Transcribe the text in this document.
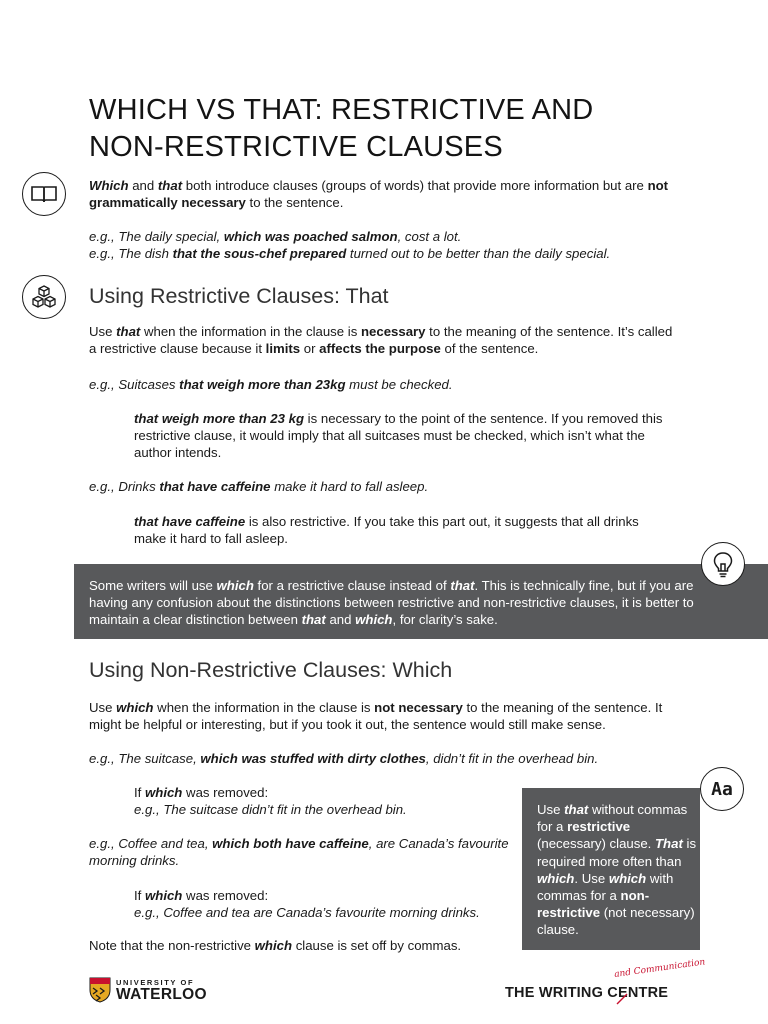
WHICH VS THAT: RESTRICTIVE AND
NON-RESTRICTIVE CLAUSES
Which and that both introduce clauses (groups of words) that provide more information but are not grammatically necessary to the sentence.
e.g., The daily special, which was poached salmon, cost a lot.
e.g., The dish that the sous-chef prepared turned out to be better than the daily special.
Using Restrictive Clauses: That
Use that when the information in the clause is necessary to the meaning of the sentence. It’s called a restrictive clause because it limits or affects the purpose of the sentence.
e.g., Suitcases that weigh more than 23kg must be checked.
that weigh more than 23 kg is necessary to the point of the sentence. If you removed this restrictive clause, it would imply that all suitcases must be checked, which isn’t what the author intends.
e.g., Drinks that have caffeine make it hard to fall asleep.
that have caffeine is also restrictive. If you take this part out, it suggests that all drinks make it hard to fall asleep.
Some writers will use which for a restrictive clause instead of that. This is technically fine, but if you are having any confusion about the distinctions between restrictive and non-restrictive clauses, it is better to maintain a clear distinction between that and which, for clarity’s sake.
Using Non-Restrictive Clauses: Which
Use which when the information in the clause is not necessary to the meaning of the sentence. It might be helpful or interesting, but if you took it out, the sentence would still make sense.
e.g., The suitcase, which was stuffed with dirty clothes, didn’t fit in the overhead bin.
If which was removed:
e.g., The suitcase didn’t fit in the overhead bin.
e.g., Coffee and tea, which both have caffeine, are Canada’s favourite morning drinks.
If which was removed:
e.g., Coffee and tea are Canada’s favourite morning drinks.
Note that the non-restrictive which clause is set off by commas.
Use that without commas for a restrictive (necessary) clause. That is required more often than which. Use which with commas for a non-restrictive (not necessary) clause.
Aa
UNIVERSITY OF
WATERLOO
and Communication
THE WRITING CENTRE
